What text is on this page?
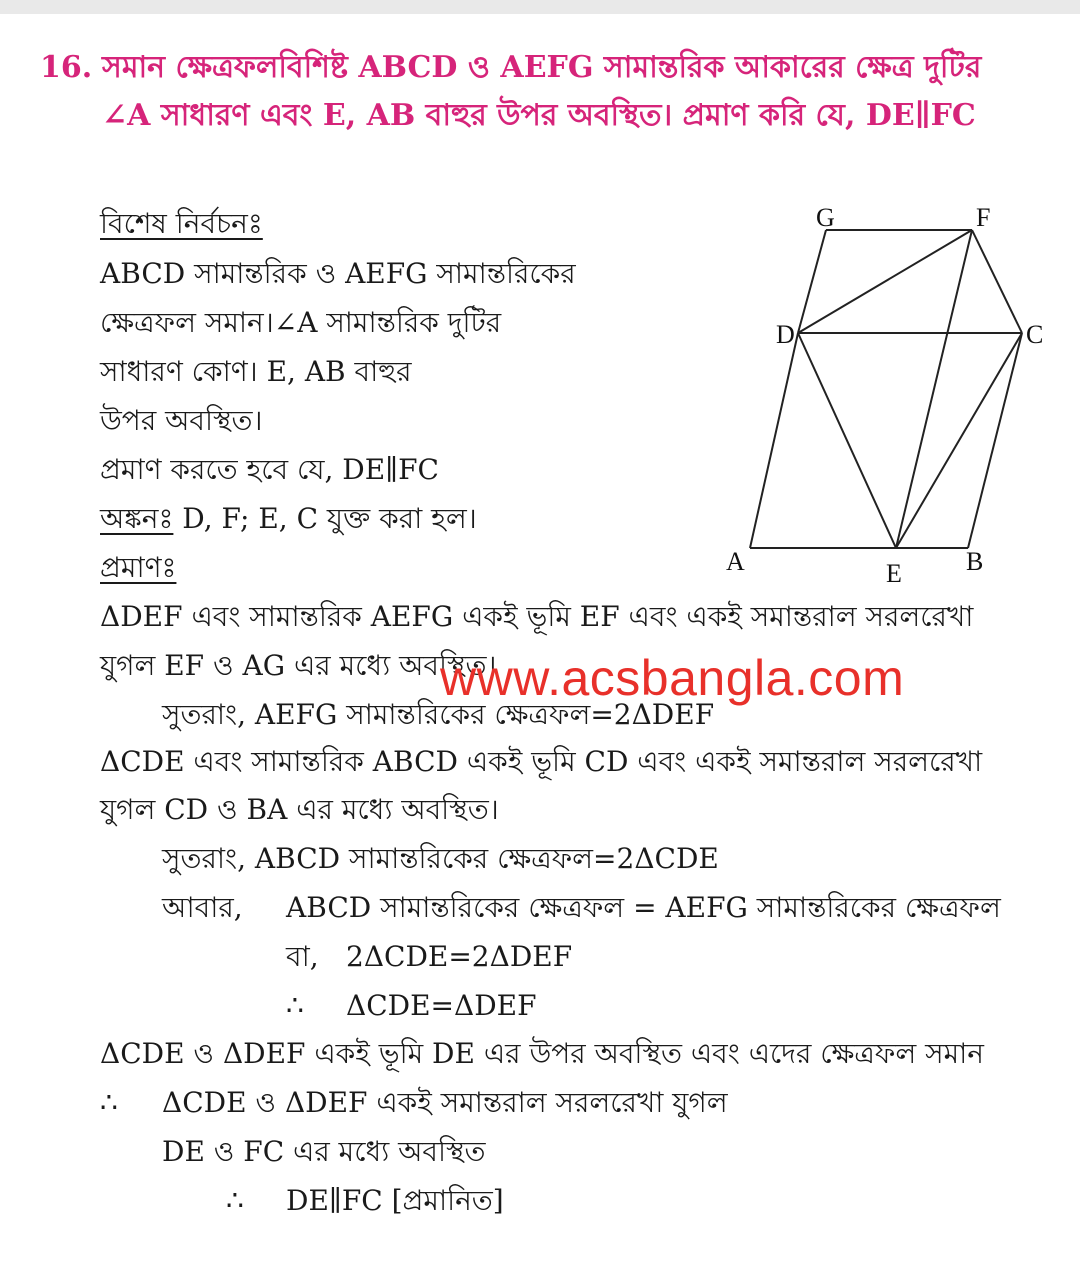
16. সমান ক্ষেত্রফলবিশিষ্ট ABCD ও AEFG সামান্তরিক আকারের ক্ষেত্র দুটির
∠A সাধারণ এবং E, AB বাহুর উপর অবস্থিত। প্রমাণ করি যে, DE∥FC
বিশেষ নির্বচনঃ
ABCD সামান্তরিক ও AEFG সামান্তরিকের
ক্ষেত্রফল সমান।∠A সামান্তরিক দুটির
সাধারণ কোণ। E, AB বাহুর
উপর অবস্থিত।
প্রমাণ করতে হবে যে, DE∥FC
অঙ্কনঃ D, F; E, C যুক্ত করা হল।
প্রমাণঃ
ΔDEF এবং সামান্তরিক AEFG একই ভূমি EF এবং একই সমান্তরাল সরলরেখা
যুগল EF ও AG এর মধ্যে অবস্থিত।
সুতরাং, AEFG সামান্তরিকের ক্ষেত্রফল=2ΔDEF
ΔCDE এবং সামান্তরিক ABCD একই ভূমি CD এবং একই সমান্তরাল সরলরেখা
যুগল CD ও BA এর মধ্যে অবস্থিত।
সুতরাং, ABCD সামান্তরিকের ক্ষেত্রফল=2ΔCDE
আবার, ABCD সামান্তরিকের ক্ষেত্রফল = AEFG সামান্তরিকের ক্ষেত্রফল
বা, 2ΔCDE=2ΔDEF
∴ ΔCDE=ΔDEF
ΔCDE ও ΔDEF একই ভূমি DE এর উপর অবস্থিত এবং এদের ক্ষেত্রফল সমান
∴ ΔCDE ও ΔDEF একই সমান্তরাল সরলরেখা যুগল
DE ও FC এর মধ্যে অবস্থিত
∴ DE∥FC [প্রমানিত]
www.acsbangla.com
G	F
D	C
A	B
E
